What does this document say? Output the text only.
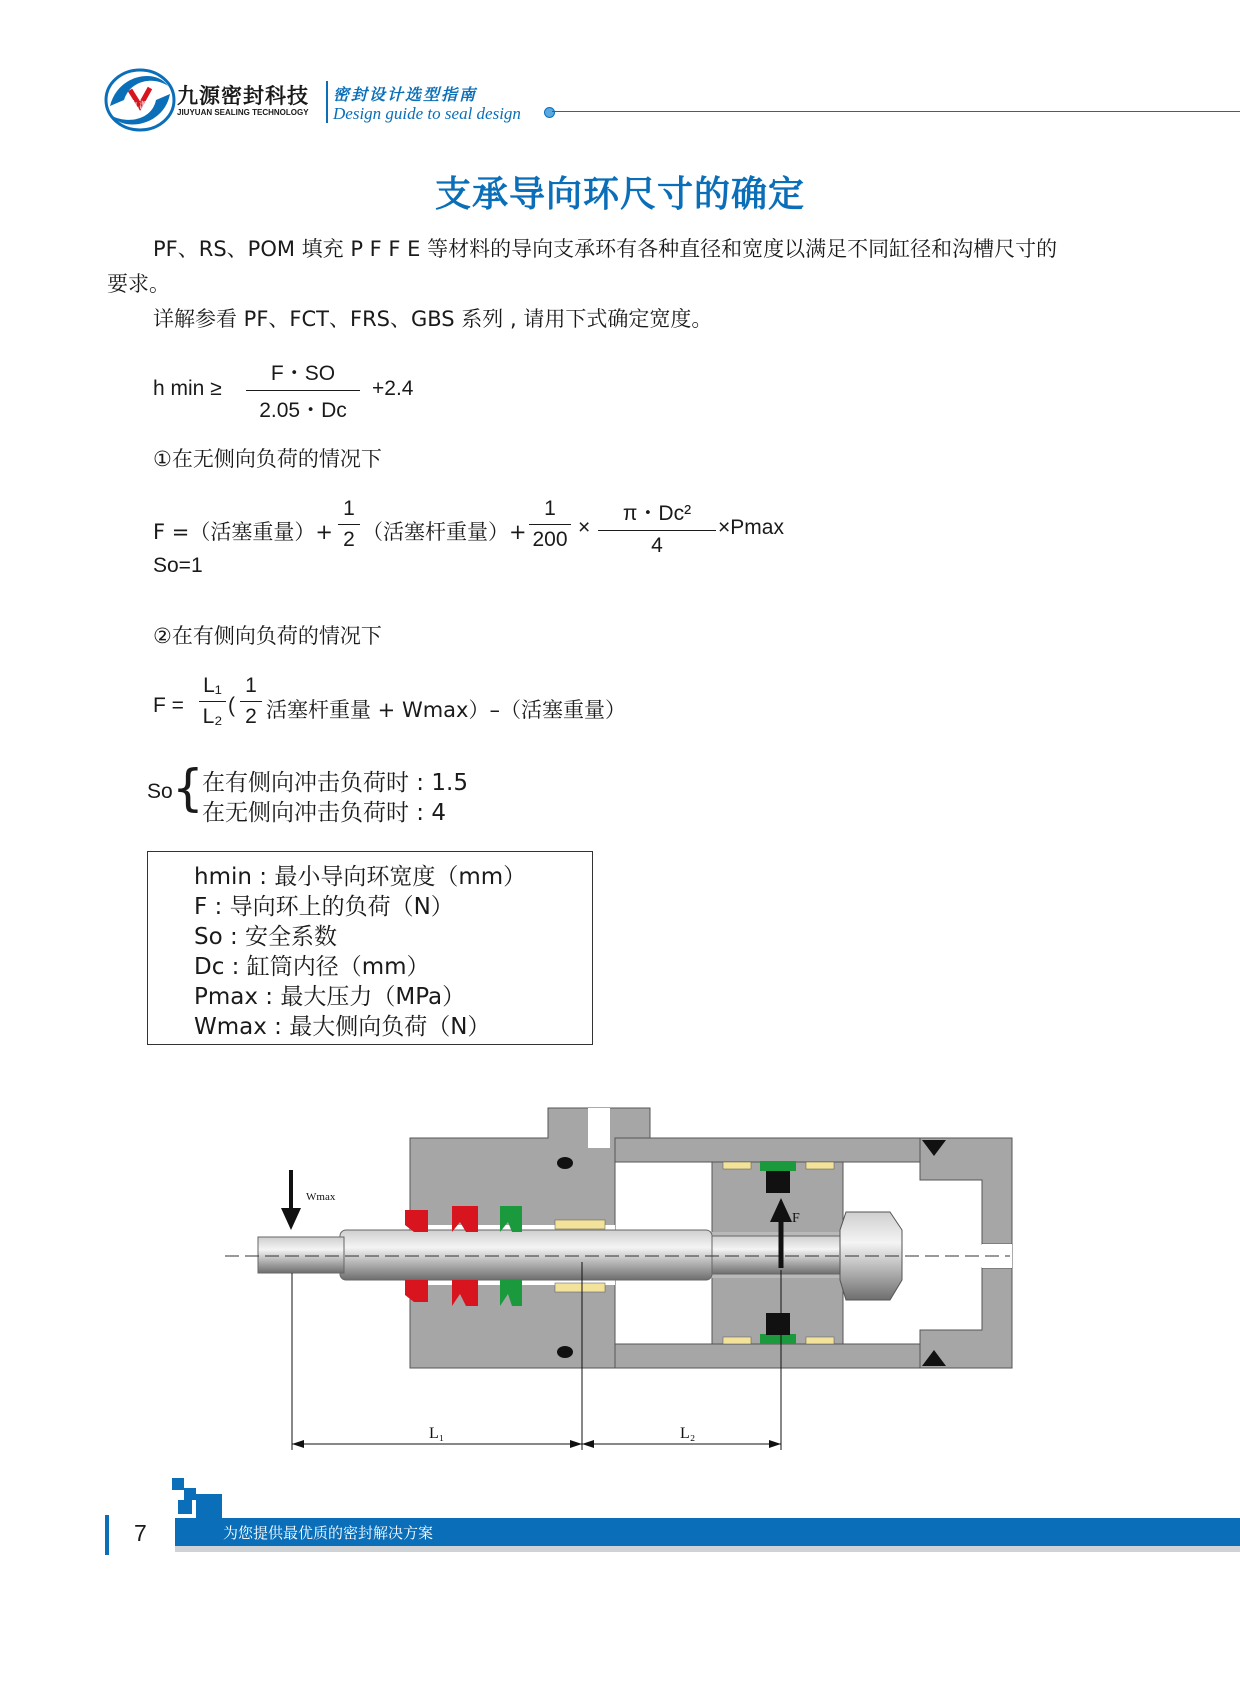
九源 九源密封科技
JIUYUAN SEALING TECHNOLOGY
密封设计选型指南
Design guide to seal design
支承导向环尺寸的确定
PF、RS、POM 填充 P F F E 等材料的导向支承环有各种直径和宽度以满足不同缸径和沟槽尺寸的
要求。
详解参看 PF、FCT、FRS、GBS 系列 , 请用下式确定宽度。
h min ≥
F・SO
2.05・Dc
+2.4
①在无侧向负荷的情况下
F =（活塞重量）+
1
2 （活塞杆重量）+
1
200
×
π・Dc²
4
×Pmax
So=1
②在有侧向负荷的情况下
F =
L₁
L₂ (
1
2 活塞杆重量 + Wmax）–（活塞重量）
So {
在有侧向冲击负荷时 : 1.5
在无侧向冲击负荷时 : 4
hmin : 最小导向环宽度（mm）
F : 导向环上的负荷（N）
So : 安全系数
Dc : 缸筒内径（mm）
Pmax : 最大压力（MPa）
Wmax : 最大侧向负荷（N）
Wmax
F
L₁	L₂
为您提供最优质的密封解决方案
7
